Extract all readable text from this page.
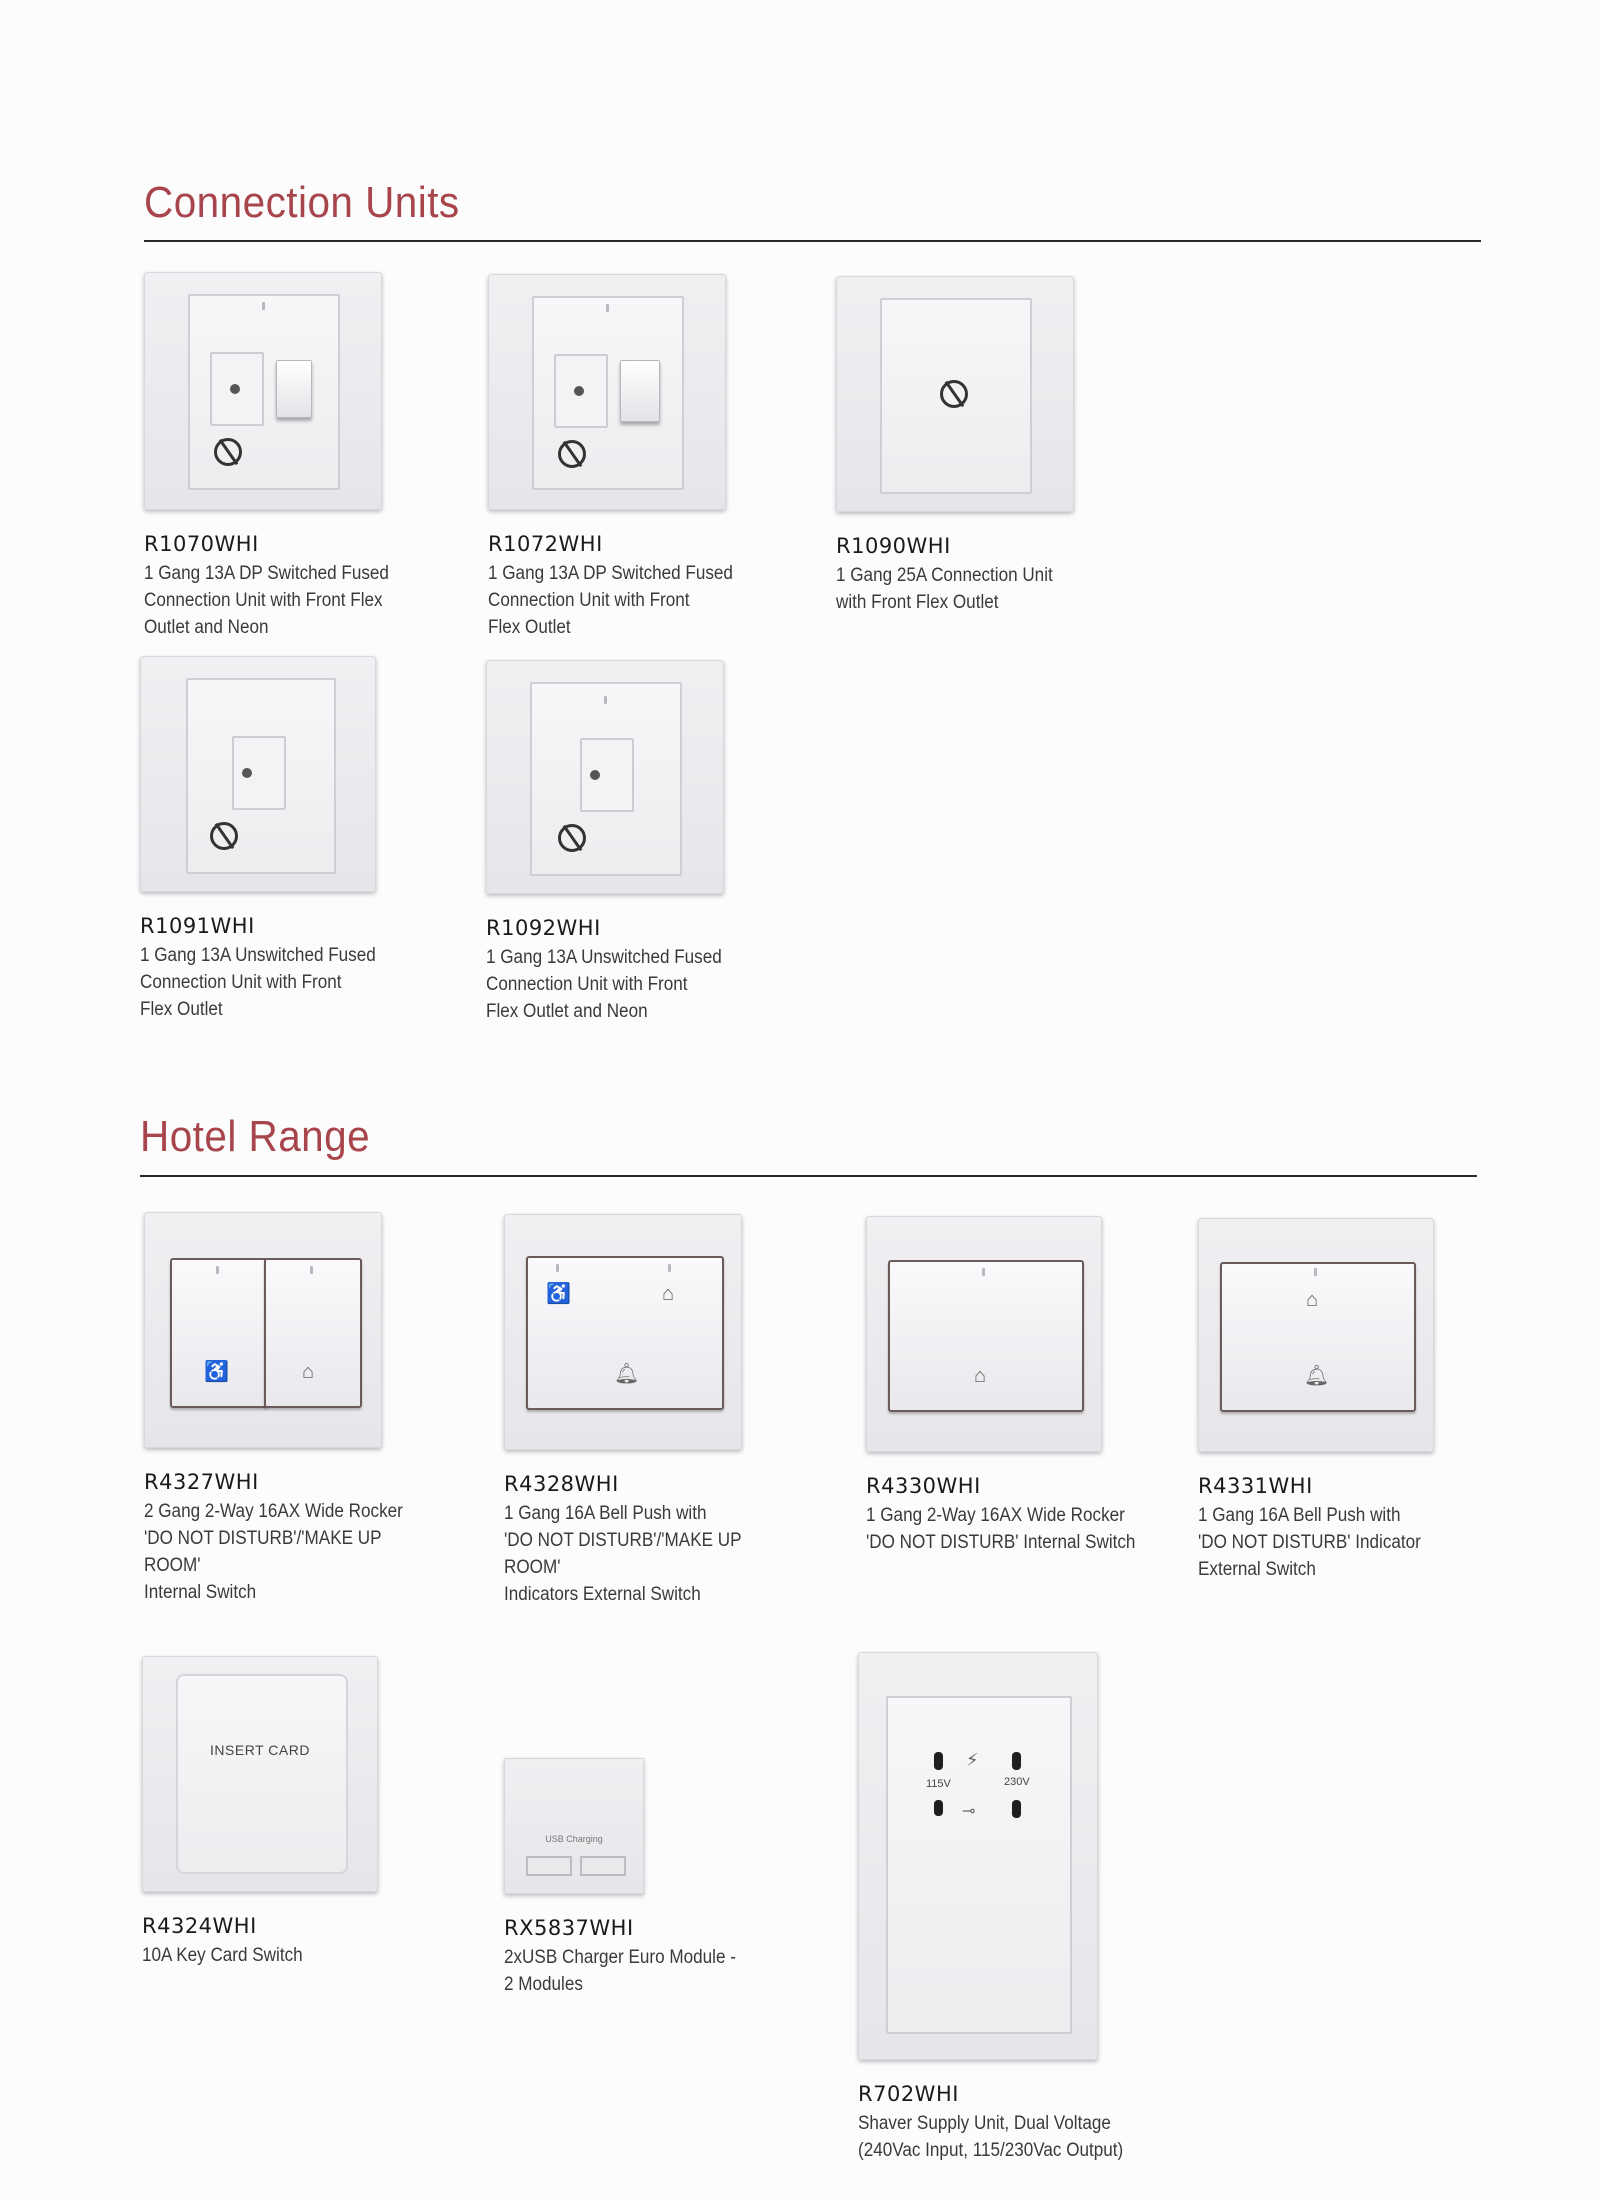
Connection Units
R1070WHI
1 Gang 13A DP Switched Fused
Connection Unit with Front Flex
Outlet and Neon
R1072WHI
1 Gang 13A DP Switched Fused
Connection Unit with Front
Flex Outlet
R1090WHI
1 Gang 25A Connection Unit
with Front Flex Outlet
R1091WHI
1 Gang 13A Unswitched Fused
Connection Unit with Front
Flex Outlet
R1092WHI
1 Gang 13A Unswitched Fused
Connection Unit with Front
Flex Outlet and Neon
Hotel Range
♿	⌂
R4327WHI
2 Gang 2-Way 16AX Wide Rocker
'DO NOT DISTURB'/'MAKE UP ROOM'
Internal Switch
♿	⌂
🔔︎
R4328WHI
1 Gang 16A Bell Push with
'DO NOT DISTURB'/'MAKE UP ROOM'
Indicators External Switch
⌂
R4330WHI
1 Gang 2-Way 16AX Wide Rocker
'DO NOT DISTURB' Internal Switch
⌂
🔔︎
R4331WHI
1 Gang 16A Bell Push with
'DO NOT DISTURB' Indicator
External Switch
INSERT CARD
R4324WHI
10A Key Card Switch
USB Charging
RX5837WHI
2xUSB Charger Euro Module -
2 Modules
⚡︎
115V	230V
⊸
R702WHI
Shaver Supply Unit, Dual Voltage
(240Vac Input, 115/230Vac Output)
